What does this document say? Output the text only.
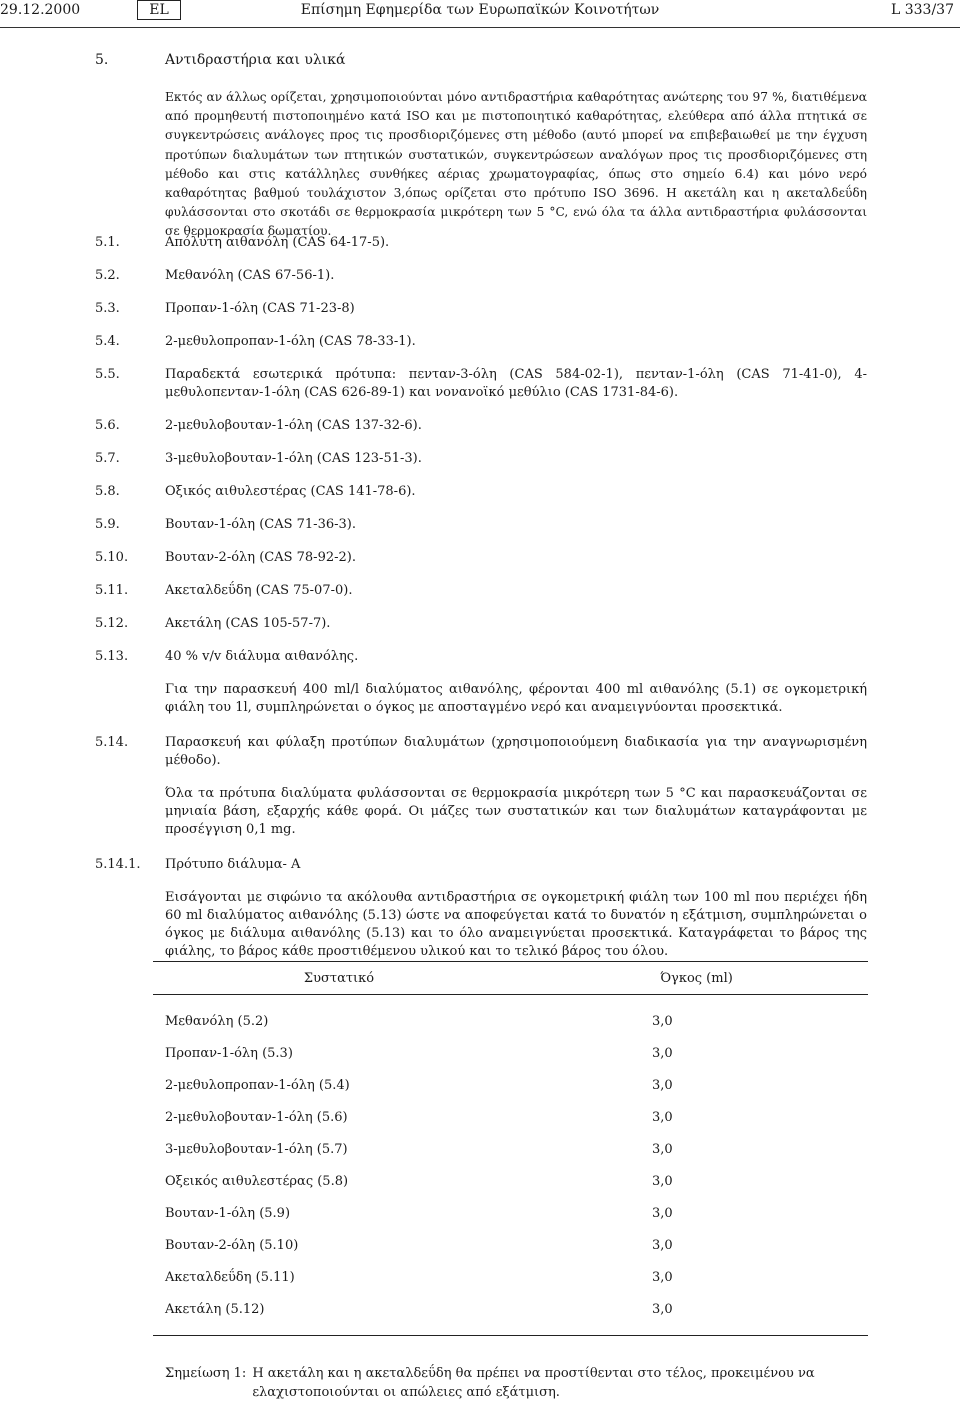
29.12.2000	EL	Επίσημη Εφημερίδα των Ευρωπαϊκών Κοινοτήτων	L 333/37
5.	Αντιδραστήρια και υλικά
Εκτός αν άλλως ορίζεται, χρησιμοποιούνται μόνο αντιδραστήρια καθαρότητας ανώτερης του 97 %, διατιθέμενα από προμηθευτή πιστοποιημένο κατά ISO και με πιστοποιητικό καθαρότητας, ελεύθερα από άλλα πτητικά σε συγκεντρώσεις ανάλογες προς τις προσδιοριζόμενες στη μέθοδο (αυτό μπορεί να επιβεβαιωθεί με την έγχυση προτύπων διαλυμάτων των πτητικών συστατικών, συγκεντρώσεων αναλόγων προς τις προσδιοριζόμενες στη μέθοδο και στις κατάλληλες συνθήκες αέριας χρωματογραφίας, όπως στο σημείο 6.4) και μόνο νερό καθαρότητας βαθμού τουλάχιστον 3,όπως ορίζεται στο πρότυπο ISO 3696. Η ακετάλη και η ακεταλδεΰδη φυλάσσονται στο σκοτάδι σε θερμοκρασία μικρότερη των 5 °C, ενώ όλα τα άλλα αντιδραστήρια φυλάσσονται σε θερμοκρασία δωματίου.
5.1.	Απόλυτη αιθανόλη (CAS 64-17-5).
5.2.	Μεθανόλη (CAS 67-56-1).
5.3.	Προπαν-1-όλη (CAS 71-23-8)
5.4.	2-μεθυλοπροπαν-1-όλη (CAS 78-33-1).
5.5.	Παραδεκτά εσωτερικά πρότυπα: πενταν-3-όλη (CAS 584-02-1), πενταν-1-όλη (CAS 71-41-0), 4-μεθυλοπενταν-1-όλη (CAS 626-89-1) και νονανοϊκό μεθύλιο (CAS 1731-84-6).
5.6.	2-μεθυλοβουταν-1-όλη (CAS 137-32-6).
5.7.	3-μεθυλοβουταν-1-όλη (CAS 123-51-3).
5.8.	Οξικός αιθυλεστέρας (CAS 141-78-6).
5.9.	Βουταν-1-όλη (CAS 71-36-3).
5.10.	Βουταν-2-όλη (CAS 78-92-2).
5.11.	Ακεταλδεΰδη (CAS 75-07-0).
5.12.	Ακετάλη (CAS 105-57-7).
5.13.	40 % v/v διάλυμα αιθανόλης.
Για την παρασκευή 400 ml/l διαλύματος αιθανόλης, φέρονται 400 ml αιθανόλης (5.1) σε ογκομετρική φιάλη του 1l, συμπληρώνεται ο όγκος με αποσταγμένο νερό και αναμειγνύονται προσεκτικά.
5.14.	Παρασκευή και φύλαξη προτύπων διαλυμάτων (χρησιμοποιούμενη διαδικασία για την αναγνωρισμένη μέθοδο).
Όλα τα πρότυπα διαλύματα φυλάσσονται σε θερμοκρασία μικρότερη των 5 °C και παρασκευάζονται σε μηνιαία βάση, εξαρχής κάθε φορά. Οι μάζες των συστατικών και των διαλυμάτων καταγράφονται με προσέγγιση 0,1 mg.
5.14.1.	Πρότυπο διάλυμα- Α
Εισάγονται με σιφώνιο τα ακόλουθα αντιδραστήρια σε ογκομετρική φιάλη των 100 ml που περιέχει ήδη 60 ml διαλύματος αιθανόλης (5.13) ώστε να αποφεύγεται κατά το δυνατόν η εξάτμιση, συμπληρώνεται ο όγκος με διάλυμα αιθανόλης (5.13) και το όλο αναμειγνύεται προσεκτικά. Καταγράφεται το βάρος της φιάλης, το βάρος κάθε προστιθέμενου υλικού και το τελικό βάρος του όλου.
Συστατικό	Όγκος (ml)

Μεθανόλη (5.2)	3,0
Προπαν-1-όλη (5.3)	3,0
2-μεθυλοπροπαν-1-όλη (5.4)	3,0
2-μεθυλοβουταν-1-όλη (5.6)	3,0
3-μεθυλοβουταν-1-όλη (5.7)	3,0
Οξεικός αιθυλεστέρας (5.8)	3,0
Βουταν-1-όλη (5.9)	3,0
Βουταν-2-όλη (5.10)	3,0
Ακεταλδεΰδη (5.11)	3,0
Ακετάλη (5.12)	3,0

Σημείωση 1: Η ακετάλη και η ακεταλδεΰδη θα πρέπει να προστίθενται στο τέλος, προκειμένου να ελαχιστοποιούνται οι απώλειες από εξάτμιση.
